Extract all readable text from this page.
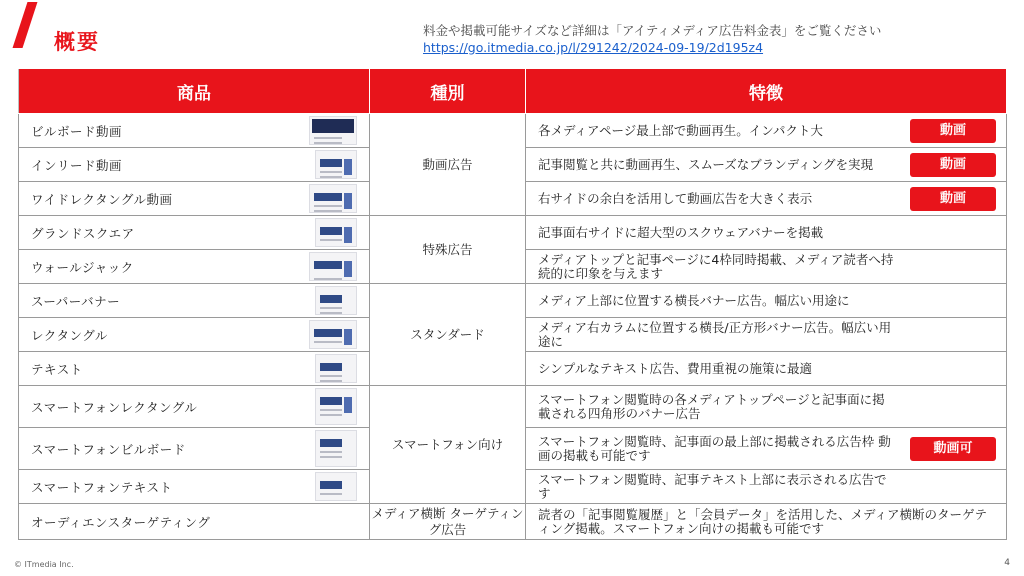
概要	料金や掲載可能サイズなど詳細は「アイティメディア広告料金表」をご覧ください
https://go.itmedia.co.jp/l/291242/2024-09-19/2d195z4
商品	種別	特徴
ビルボード動画	動画広告	各メディアページ最上部で動画再生。インパクト大 動画

インリード動画		記事閲覧と共に動画再生、スムーズなブランディングを実現 動画

ワイドレクタングル動画		右サイドの余白を活用して動画広告を大きく表示 動画

グランドスクエア	特殊広告	記事面右サイドに超大型のスクウェアバナーを掲載

ウォールジャック		メディアトップと記事ページに4枠同時掲載、メディア読者へ持続的に印象を与えます

スーパーバナー	スタンダード	メディア上部に位置する横長バナー広告。幅広い用途に

レクタングル		メディア右カラムに位置する横長/正方形バナー広告。幅広い用途に

テキスト		シンプルなテキスト広告、費用重視の施策に最適

スマートフォンレクタングル	スマートフォン向け	スマートフォン閲覧時の各メディアトップページと記事面に掲載される四角形のバナー広告

スマートフォンビルボード		スマートフォン閲覧時、記事面の最上部に掲載される広告枠 動画の掲載も可能です 動画可

スマートフォンテキスト		スマートフォン閲覧時、記事テキスト上部に表示される広告です

オーディエンスターゲティング	メディア横断 ターゲティング広告	読者の「記事閲覧履歴」と「会員データ」を活用した、メディア横断のターゲティング掲載。スマートフォン向けの掲載も可能です
© ITmedia Inc.	4
